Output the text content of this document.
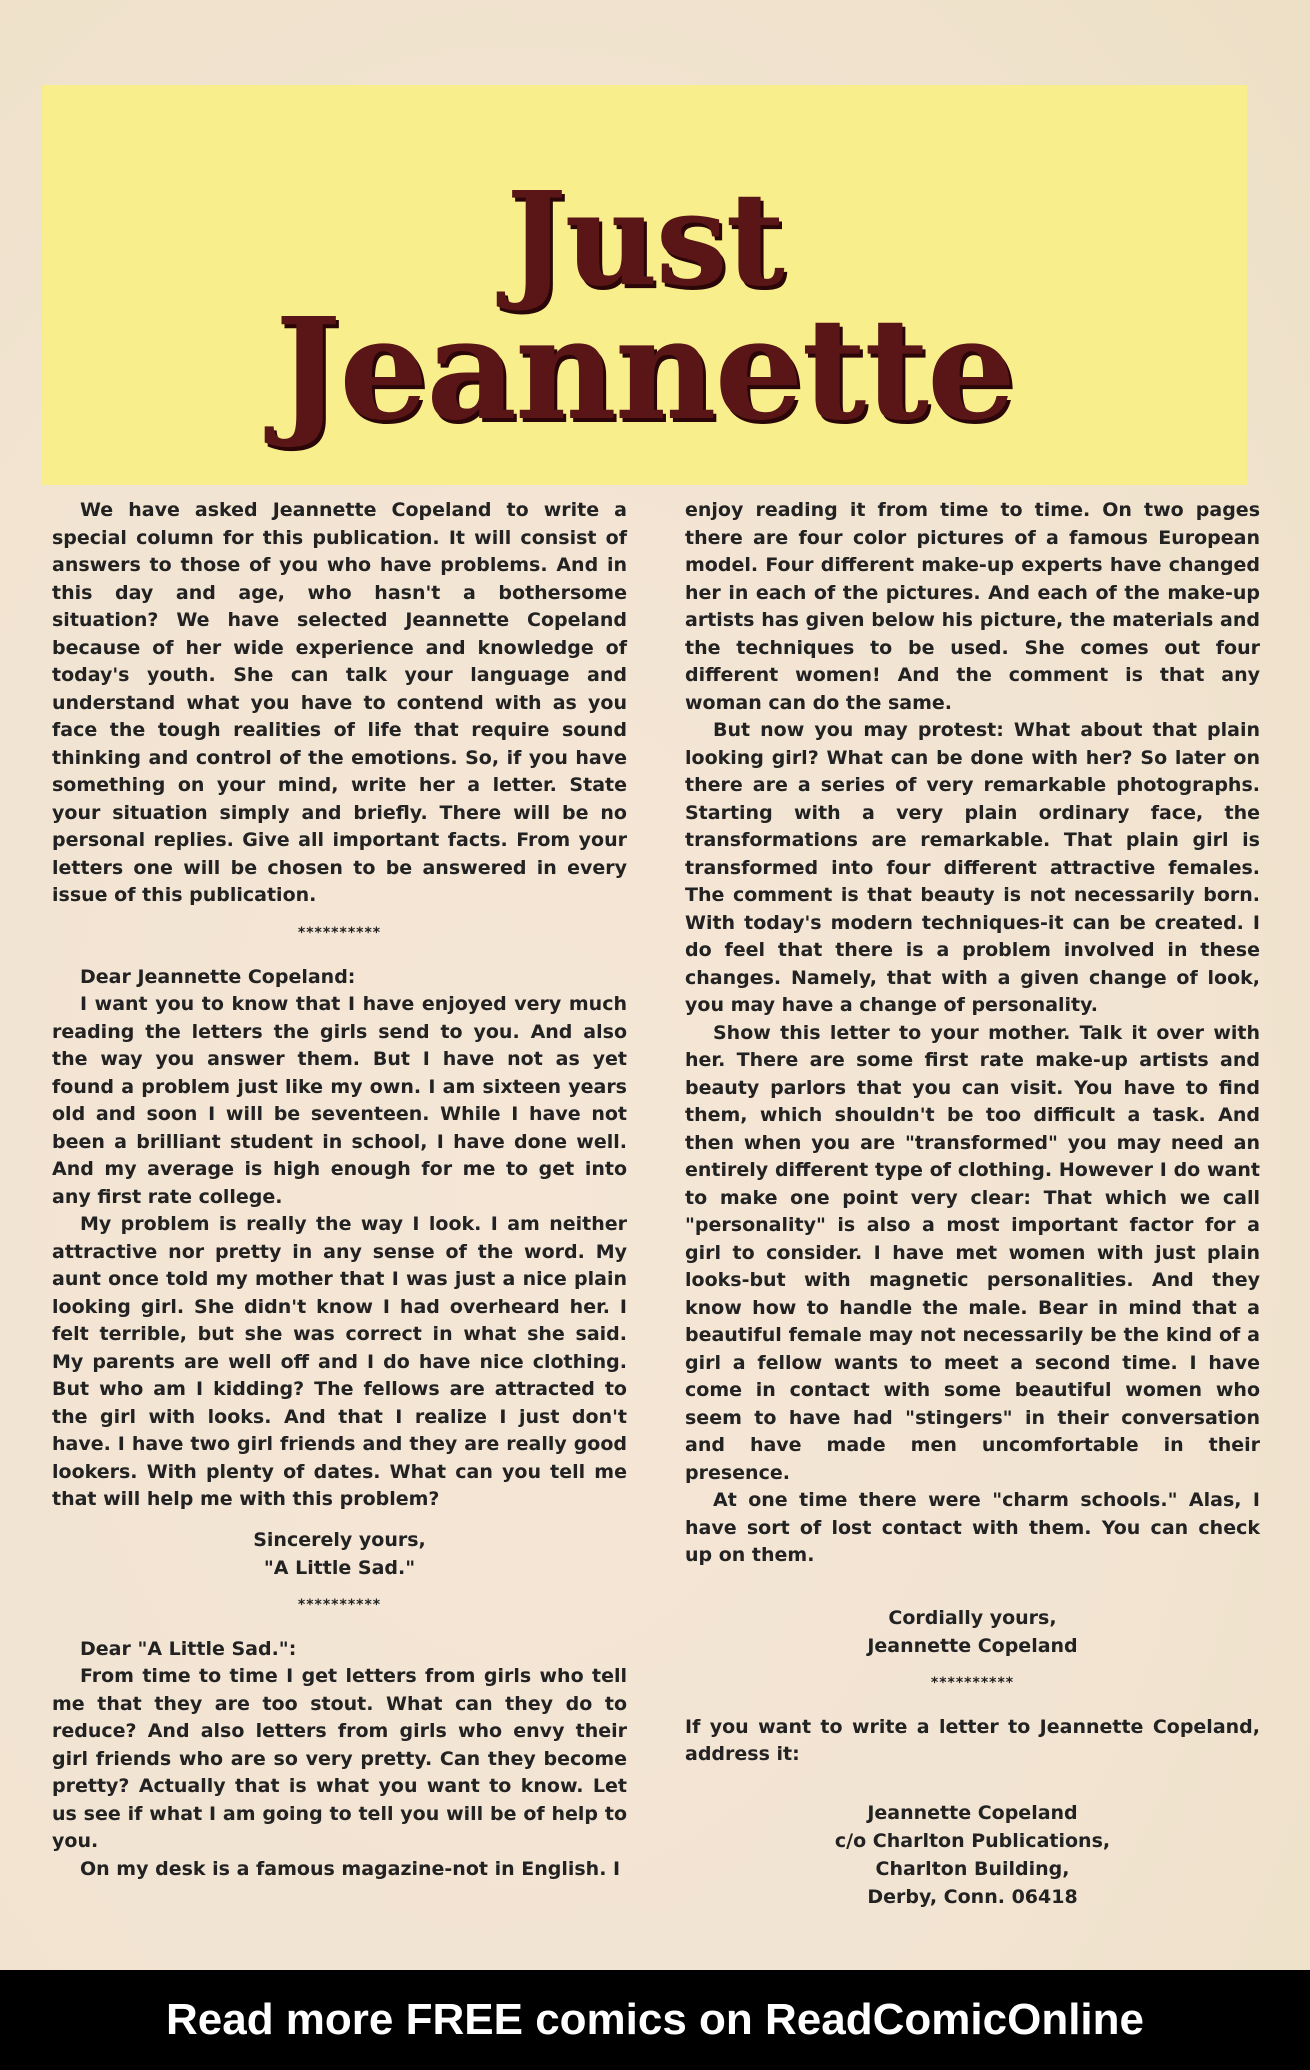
Just
Jeannette

We have asked Jeannette Copeland to write a special column for this publication. It will consist of answers to those of you who have problems. And in this day and age, who hasn't a bothersome situation? We have selected Jeannette Copeland because of her wide experience and knowledge of today's youth. She can talk your language and understand what you have to contend with as you face the tough realities of life that require sound thinking and control of the emotions. So, if you have something on your mind, write her a letter. State your situation simply and briefly. There will be no personal replies. Give all important facts. From your letters one will be chosen to be answered in every issue of this publication.

**********

Dear Jeannette Copeland:

I want you to know that I have enjoyed very much reading the letters the girls send to you. And also the way you answer them. But I have not as yet found a problem just like my own. I am sixteen years old and soon I will be seventeen. While I have not been a brilliant student in school, I have done well. And my average is high enough for me to get into any first rate college.

My problem is really the way I look. I am neither attractive nor pretty in any sense of the word. My aunt once told my mother that I was just a nice plain looking girl. She didn't know I had overheard her. I felt terrible, but she was correct in what she said. My parents are well off and I do have nice clothing. But who am I kidding? The fellows are attracted to the girl with looks. And that I realize I just don't have. I have two girl friends and they are really good lookers. With plenty of dates. What can you tell me that will help me with this problem?

Sincerely yours,
"A Little Sad."
**********

Dear "A Little Sad.":

From time to time I get letters from girls who tell me that they are too stout. What can they do to reduce? And also letters from girls who envy their girl friends who are so very pretty. Can they become pretty? Actually that is what you want to know. Let us see if what I am going to tell you will be of help to you.

On my desk is a famous magazine-not in English. I

enjoy reading it from time to time. On two pages there are four color pictures of a famous European model. Four different make-up experts have changed her in each of the pictures. And each of the make-up artists has given below his picture, the materials and the techniques to be used. She comes out four different women! And the comment is that any woman can do the same.

But now you may protest: What about that plain looking girl? What can be done with her? So later on there are a series of very remarkable photographs. Starting with a very plain ordinary face, the transformations are remarkable. That plain girl is transformed into four different attractive females. The comment is that beauty is not necessarily born. With today's modern techniques-it can be created. I do feel that there is a problem involved in these changes. Namely, that with a given change of look, you may have a change of personality.

Show this letter to your mother. Talk it over with her. There are some first rate make-up artists and beauty parlors that you can visit. You have to find them, which shouldn't be too difficult a task. And then when you are "transformed" you may need an entirely different type of clothing. However I do want to make one point very clear: That which we call "personality" is also a most important factor for a girl to consider. I have met women with just plain looks-but with magnetic personalities. And they know how to handle the male. Bear in mind that a beautiful female may not necessarily be the kind of a girl a fellow wants to meet a second time. I have come in contact with some beautiful women who seem to have had "stingers" in their conversation and have made men uncomfortable in their presence.

At one time there were "charm schools." Alas, I have sort of lost contact with them. You can check up on them.

Cordially yours,
Jeannette Copeland
**********

If you want to write a letter to Jeannette Copeland, address it:

Jeannette Copeland
c/o Charlton Publications,
Charlton Building,
Derby, Conn. 06418
Read more FREE comics on ReadComicOnline
